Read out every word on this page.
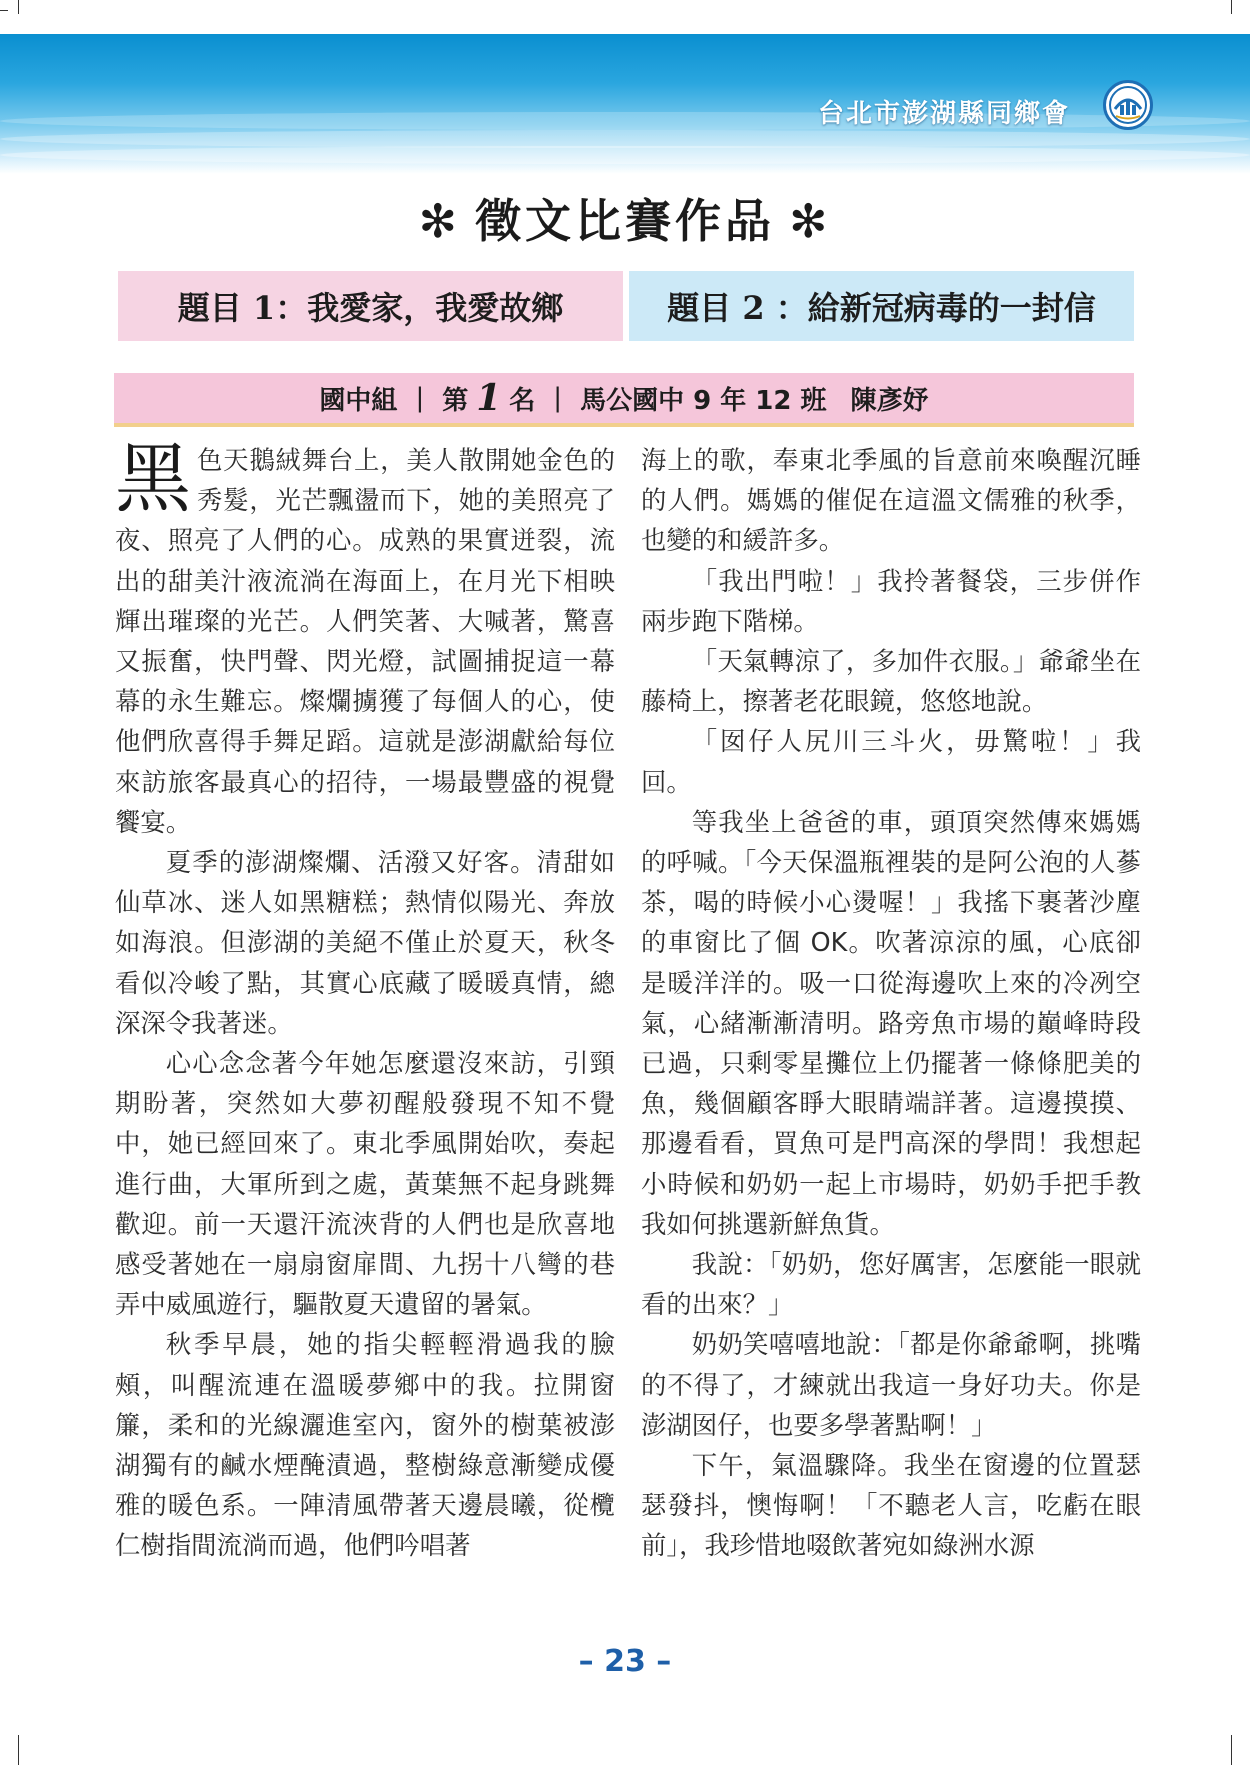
台北市澎湖縣同鄉會
✻ 徵文比賽作品 ✻
題目 1：我愛家，我愛故鄉	題目 2 ：給新冠病毒的一封信
國中組 | 第 1 名 | 馬公國中 9 年 12 班 陳彥妤

黑色天鵝絨舞台上，美人散開她金色的秀髮，光芒飄盪而下，她的美照亮了夜、照亮了人們的心。成熟的果實迸裂，流出的甜美汁液流淌在海面上，在月光下相映輝出璀璨的光芒。人們笑著、大喊著，驚喜又振奮，快門聲、閃光燈，試圖捕捉這一幕幕的永生難忘。燦爛擄獲了每個人的心，使他們欣喜得手舞足蹈。這就是澎湖獻給每位來訪旅客最真心的招待，一場最豐盛的視覺饗宴。

夏季的澎湖燦爛、活潑又好客。清甜如仙草冰、迷人如黑糖糕；熱情似陽光、奔放如海浪。但澎湖的美絕不僅止於夏天，秋冬看似冷峻了點，其實心底藏了暖暖真情，總深深令我著迷。

心心念念著今年她怎麼還沒來訪，引頸期盼著，突然如大夢初醒般發現不知不覺中，她已經回來了。東北季風開始吹，奏起進行曲，大軍所到之處，黃葉無不起身跳舞歡迎。前一天還汗流浹背的人們也是欣喜地感受著她在一扇扇窗扉間、九拐十八彎的巷弄中威風遊行，驅散夏天遺留的暑氣。

秋季早晨，她的指尖輕輕滑過我的臉頰，叫醒流連在溫暖夢鄉中的我。拉開窗簾，柔和的光線灑進室內，窗外的樹葉被澎湖獨有的鹹水煙醃漬過，整樹綠意漸變成優雅的暖色系。一陣清風帶著天邊晨曦，從欖仁樹指間流淌而過，他們吟唱著

海上的歌，奉東北季風的旨意前來喚醒沉睡的人們。媽媽的催促在這溫文儒雅的秋季，也變的和緩許多。

「我出門啦！」我拎著餐袋，三步併作兩步跑下階梯。

「天氣轉涼了，多加件衣服。」爺爺坐在藤椅上，擦著老花眼鏡，悠悠地說。

「囡仔人尻川三斗火，毋驚啦！」我回。

等我坐上爸爸的車，頭頂突然傳來媽媽的呼喊。「今天保溫瓶裡裝的是阿公泡的人蔘茶，喝的時候小心燙喔！」我搖下裹著沙塵的車窗比了個 OK。吹著涼涼的風，心底卻是暖洋洋的。吸一口從海邊吹上來的冷冽空氣，心緒漸漸清明。路旁魚市場的巔峰時段已過，只剩零星攤位上仍擺著一條條肥美的魚，幾個顧客睜大眼睛端詳著。這邊摸摸、那邊看看，買魚可是門高深的學問！我想起小時候和奶奶一起上市場時，奶奶手把手教我如何挑選新鮮魚貨。

我說：「奶奶，您好厲害，怎麼能一眼就看的出來？」

奶奶笑嘻嘻地說：「都是你爺爺啊，挑嘴的不得了，才練就出我這一身好功夫。你是澎湖囡仔，也要多學著點啊！」

下午，氣溫驟降。我坐在窗邊的位置瑟瑟發抖，懊悔啊！「不聽老人言，吃虧在眼前」，我珍惜地啜飲著宛如綠洲水源

– 23 –
